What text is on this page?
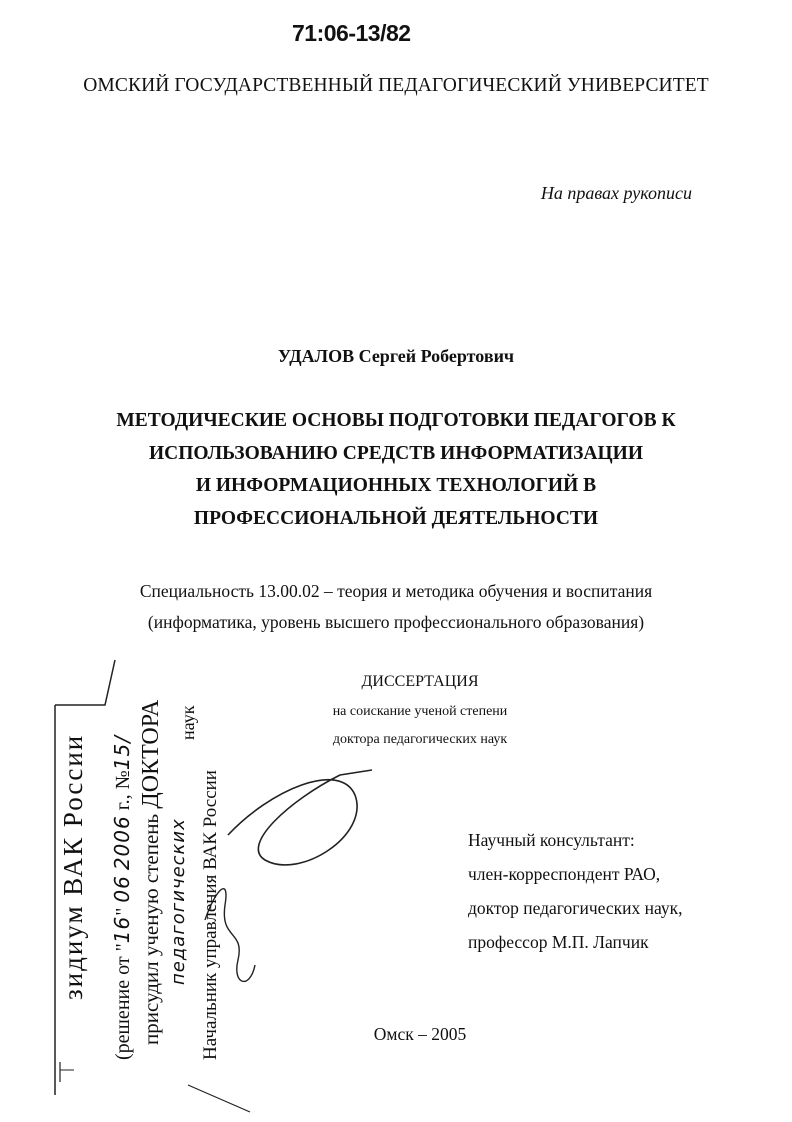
71:06-13/82
ОМСКИЙ ГОСУДАРСТВЕННЫЙ ПЕДАГОГИЧЕСКИЙ УНИВЕРСИТЕТ
На правах рукописи
УДАЛОВ Сергей Робертович
МЕТОДИЧЕСКИЕ ОСНОВЫ ПОДГОТОВКИ ПЕДАГОГОВ К
ИСПОЛЬЗОВАНИЮ СРЕДСТВ ИНФОРМАТИЗАЦИИ
И ИНФОРМАЦИОННЫХ ТЕХНОЛОГИЙ В
ПРОФЕССИОНАЛЬНОЙ ДЕЯТЕЛЬНОСТИ
Специальность 13.00.02 – теория и методика обучения и воспитания
(информатика, уровень высшего профессионального образования)
ДИССЕРТАЦИЯ
на соискание ученой степени
доктора педагогических наук
Научный консультант:
член-корреспондент РАО,
доктор педагогических наук,
профессор М.П. Лапчик
Омск – 2005
зидиум ВАК России
(решение от "16" 06 2006 г., №15/
присудил ученую степень ДОКТОРА наук
педагогических Начальник управления ВАК России
